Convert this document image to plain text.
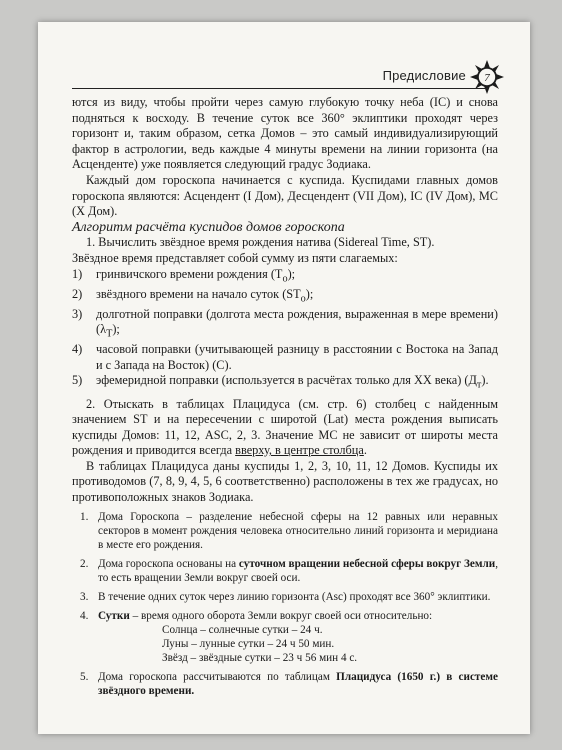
Предисловие 7

ются из виду, чтобы пройти через самую глубокую точку неба (IC) и снова подняться к восходу. В течение суток все 360° эклиптики проходят через горизонт и, таким образом, сетка Домов – это самый индивидуализирующий фактор в астрологии, ведь каждые 4 минуты времени на линии горизонта (на Асценденте) уже появляется следующий градус Зодиака.

Каждый дом гороскопа начинается с куспида. Куспидами главных домов гороскопа являются: Асцендент (I Дом), Десцендент (VII Дом), IC (IV Дом), MC (X Дом).

Алгоритм расчёта куспидов домов гороскопа

1. Вычислить звёздное время рождения натива (Sidereal Time, ST).

Звёздное время представляет собой сумму из пяти слагаемых:

1) гринвичского времени рождения $(Т_о)$;
2) звёздного времени на начало суток $(ST_о)$;
3) долготной поправки (долгота места рождения, выраженная в мере времени) $(\lambda_Т)$;
4) часовой поправки (учитывающей разницу в расстоянии с Востока на Запад и с Запада на Восток) (C).
5) эфемеридной поправки (используется в расчётах только для XX века) $(Д_т)$.

2. Отыскать в таблицах Плацидуса (см. стр. 6) столбец с найденным значением ST и на пересечении с широтой (Lat) места рождения выписать куспиды Домов: 11, 12, ASC, 2, 3. Значение MC не зависит от широты места рождения и приводится всегда вверху, в центре столбца.

В таблицах Плацидуса даны куспиды 1, 2, 3, 10, 11, 12 Домов. Куспиды их противодомов (7, 8, 9, 4, 5, 6 соответственно) расположены в тех же градусах, но противоположных знаков Зодиака.

1. Дома Гороскопа – разделение небесной сферы на 12 равных или неравных секторов в момент рождения человека относительно линий горизонта и меридиана в месте его рождения.
2. Дома гороскопа основаны на суточном вращении небесной сферы вокруг Земли, то есть вращении Земли вокруг своей оси.
3. В течение одних суток через линию горизонта (Asc) проходят все 360° эклиптики.
4. Сутки – время одного оборота Земли вокруг своей оси относительно:
Солнца – солнечные сутки – 24 ч.
Луны – лунные сутки – 24 ч 50 мин.
Звёзд – звёздные сутки – 23 ч 56 мин 4 с.
5. Дома гороскопа рассчитываются по таблицам Плацидуса (1650 г.) в системе звёздного времени.
